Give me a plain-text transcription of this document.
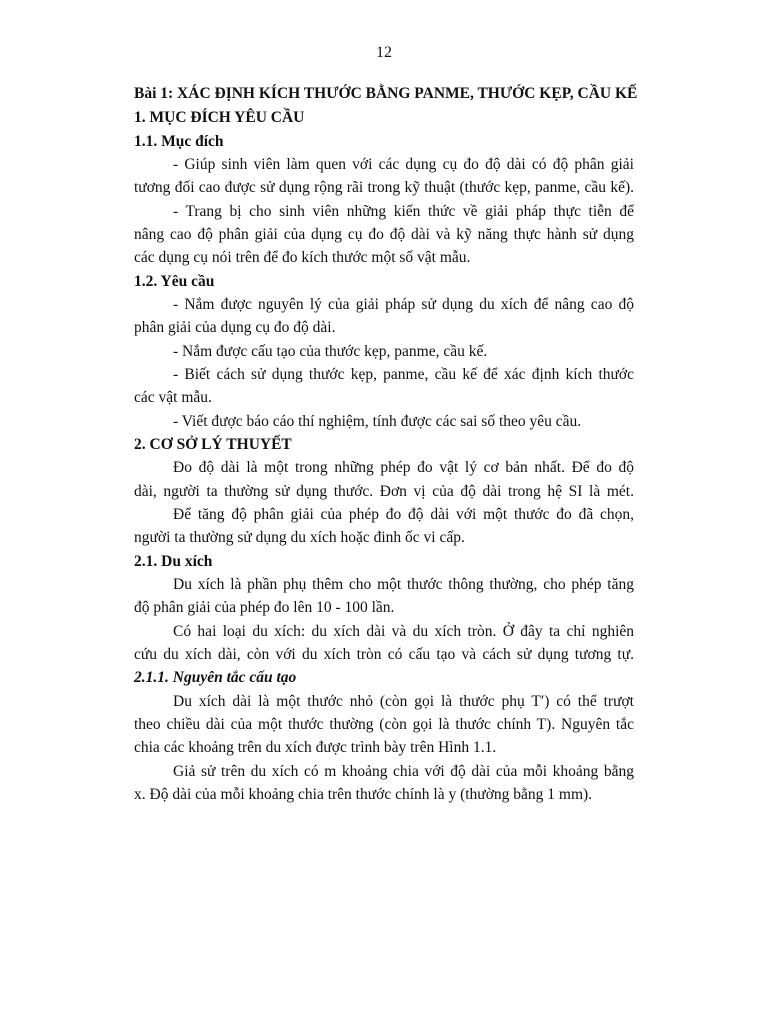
12
Bài 1: XÁC ĐỊNH KÍCH THƯỚC BẰNG PANME, THƯỚC KẸP, CẦU KẾ
1. MỤC ĐÍCH YÊU CẦU
1.1. Mục đích
- Giúp sinh viên làm quen với các dụng cụ đo độ dài có độ phân giải
tương đối cao được sử dụng rộng rãi trong kỹ thuật (thước kẹp, panme, cầu kế).
- Trang bị cho sinh viên những kiến thức về giải pháp thực tiễn để
nâng cao độ phân giải của dụng cụ đo độ dài và kỹ năng thực hành sử dụng
các dụng cụ nói trên để đo kích thước một số vật mẫu.
1.2. Yêu cầu
- Nắm được nguyên lý của giải pháp sử dụng du xích để nâng cao độ
phân giải của dụng cụ đo độ dài.
- Nắm được cấu tạo của thước kẹp, panme, cầu kế.
- Biết cách sử dụng thước kẹp, panme, cầu kế để xác định kích thước
các vật mẫu.
- Viết được báo cáo thí nghiệm, tính được các sai số theo yêu cầu.
2. CƠ SỞ LÝ THUYẾT
Đo độ dài là một trong những phép đo vật lý cơ bản nhất. Để đo độ
dài, người ta thường sử dụng thước. Đơn vị của độ dài trong hệ SI là mét.
Để tăng độ phân giải của phép đo độ dài với một thước đo đã chọn,
người ta thường sử dụng du xích hoặc đinh ốc vi cấp.
2.1. Du xích
Du xích là phần phụ thêm cho một thước thông thường, cho phép tăng
độ phân giải của phép đo lên 10 - 100 lần.
Có hai loại du xích: du xích dài và du xích tròn. Ở đây ta chỉ nghiên
cứu du xích dài, còn với du xích tròn có cấu tạo và cách sử dụng tương tự.
2.1.1. Nguyên tắc cấu tạo
Du xích dài là một thước nhỏ (còn gọi là thước phụ T′) có thể trượt
theo chiều dài của một thước thường (còn gọi là thước chính T). Nguyên tắc
chia các khoảng trên du xích được trình bày trên Hình 1.1.
Giả sử trên du xích có m khoảng chia với độ dài của mỗi khoảng bằng
x. Độ dài của mỗi khoảng chia trên thước chính là y (thường bằng 1 mm).
